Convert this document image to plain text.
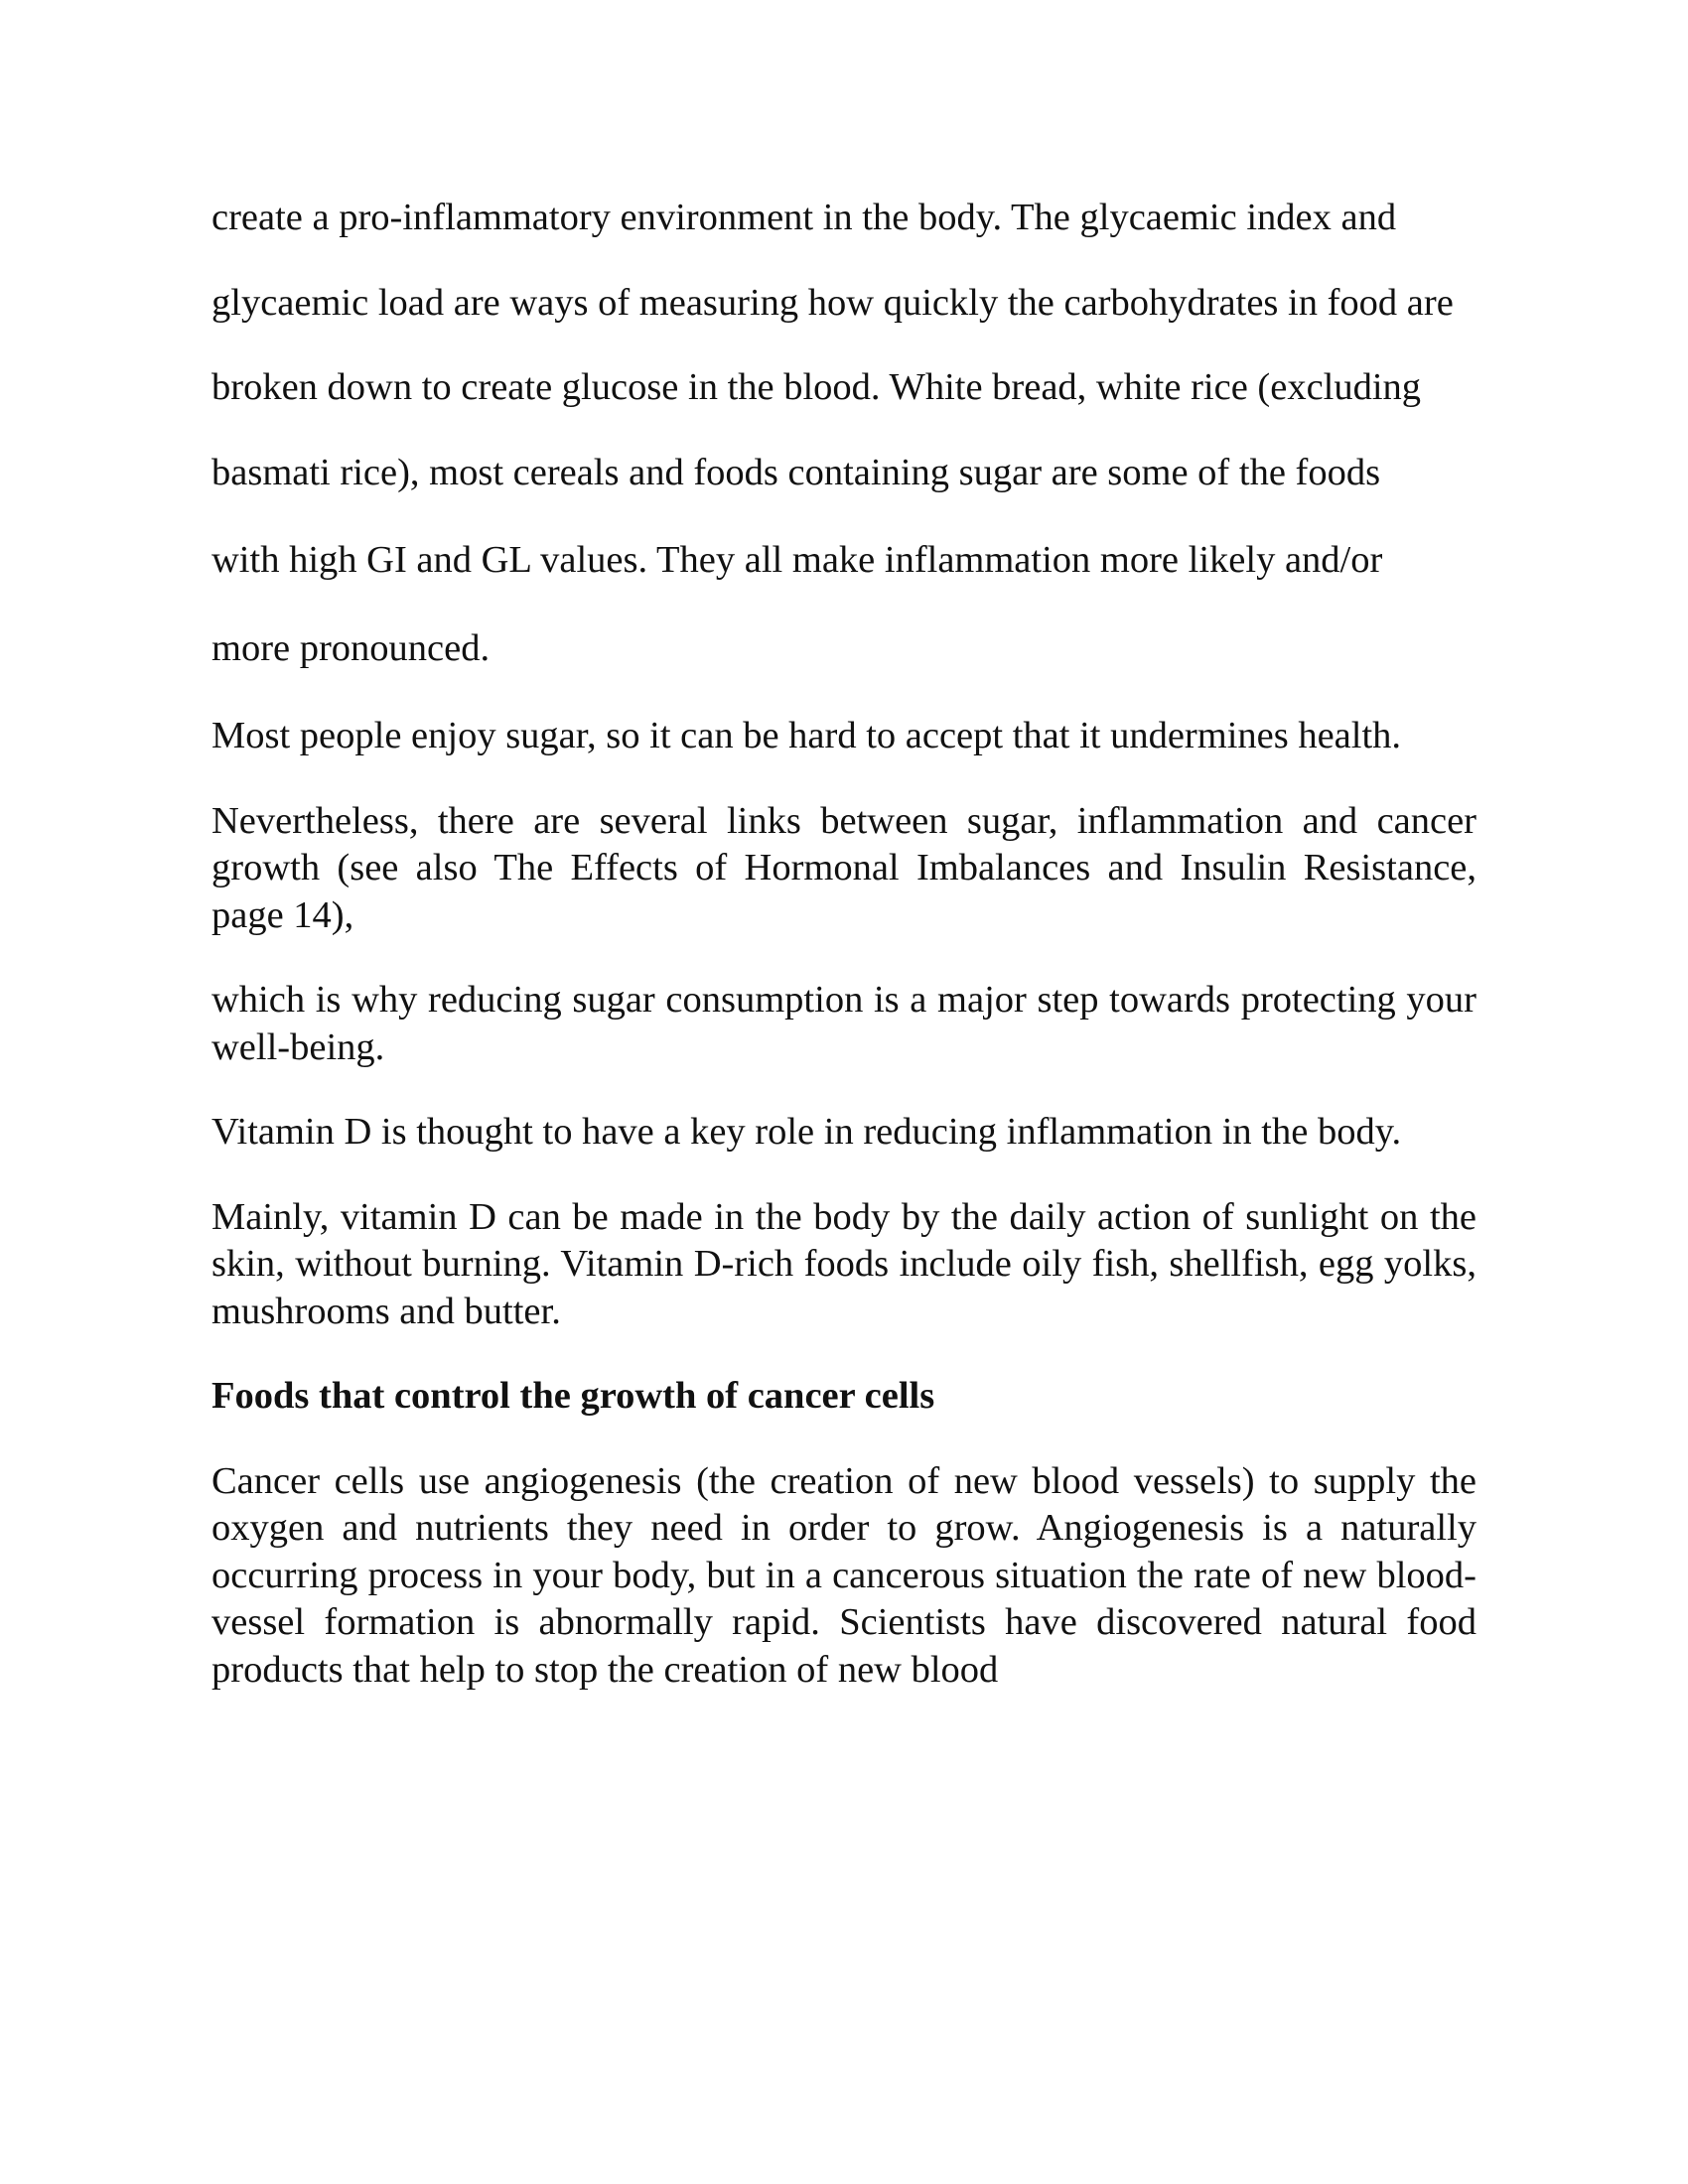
create a pro-inflammatory environment in the body. The glycaemic index and

glycaemic load are ways of measuring how quickly the carbohydrates in food are

broken down to create glucose in the blood. White bread, white rice (excluding

basmati rice), most cereals and foods containing sugar are some of the foods

with high GI and GL values. They all make inflammation more likely and/or

more pronounced.

Most people enjoy sugar, so it can be hard to accept that it undermines health.

Nevertheless, there are several links between sugar, inflammation and cancer growth (see also The Effects of Hormonal Imbalances and Insulin Resistance, page 14),

which is why reducing sugar consumption is a major step towards protecting your well-being.

Vitamin D is thought to have a key role in reducing inflammation in the body.

Mainly, vitamin D can be made in the body by the daily action of sunlight on the skin, without burning. Vitamin D-rich foods include oily fish, shellfish, egg yolks, mushrooms and butter.

Foods that control the growth of cancer cells

Cancer cells use angiogenesis (the creation of new blood vessels) to supply the oxygen and nutrients they need in order to grow. Angiogenesis is a naturally occurring process in your body, but in a cancerous situation the rate of new blood-vessel formation is abnormally rapid. Scientists have discovered natural food products that help to stop the creation of new blood
